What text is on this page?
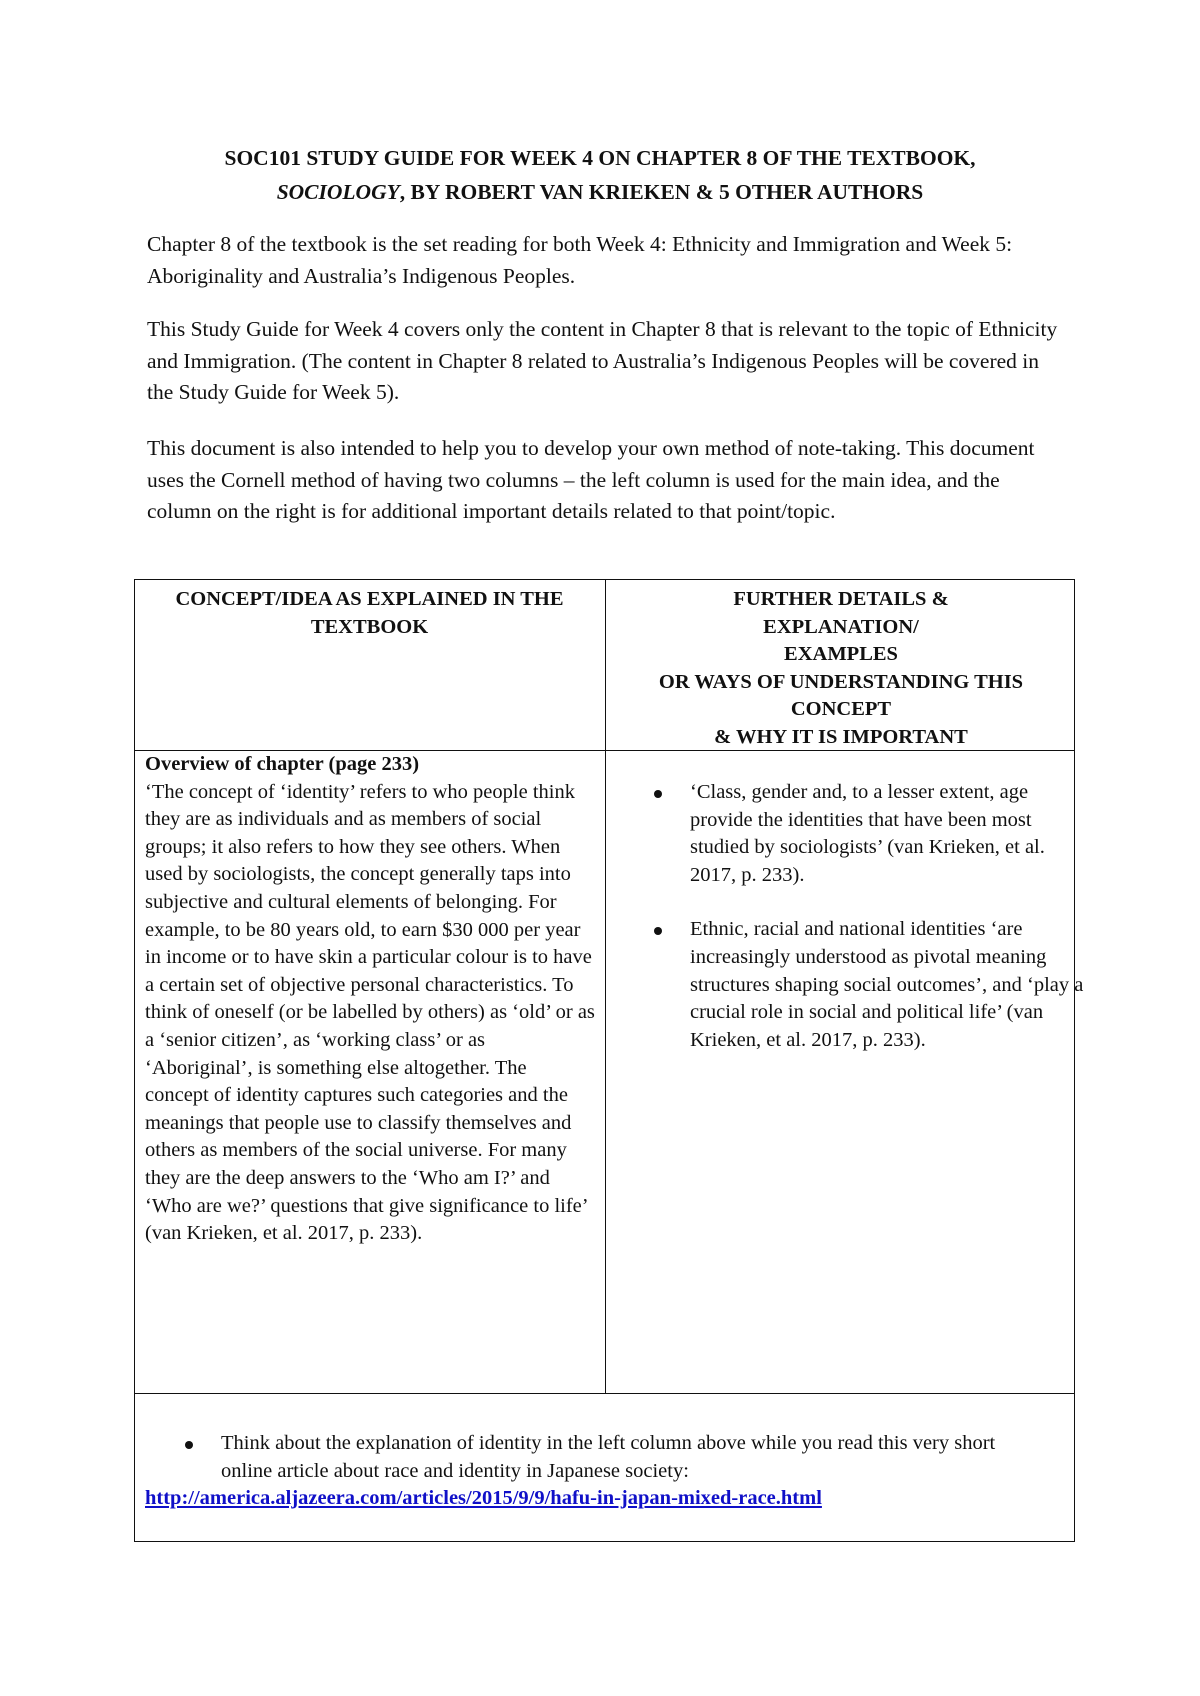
SOC101 STUDY GUIDE FOR WEEK 4 ON CHAPTER 8 OF THE TEXTBOOK,
SOCIOLOGY, BY ROBERT VAN KRIEKEN & 5 OTHER AUTHORS

Chapter 8 of the textbook is the set reading for both Week 4: Ethnicity and Immigration and Week 5: Aboriginality and Australia’s Indigenous Peoples.

This Study Guide for Week 4 covers only the content in Chapter 8 that is relevant to the topic of Ethnicity and Immigration. (The content in Chapter 8 related to Australia’s Indigenous Peoples will be covered in the Study Guide for Week 5).

This document is also intended to help you to develop your own method of note-taking. This document uses the Cornell method of having two columns – the left column is used for the main idea, and the column on the right is for additional important details related to that point/topic.

CONCEPT/IDEA AS EXPLAINED IN THE TEXTBOOK
FURTHER DETAILS &
EXPLANATION/
EXAMPLES
OR WAYS OF UNDERSTANDING THIS CONCEPT
& WHY IT IS IMPORTANT
Overview of chapter (page 233)
‘The concept of ‘identity’ refers to who people think they are as individuals and as members of social groups; it also refers to how they see others. When used by sociologists, the concept generally taps into subjective and cultural elements of belonging. For example, to be 80 years old, to earn $30 000 per year in income or to have skin a particular colour is to have a certain set of objective personal characteristics. To think of oneself (or be labelled by others) as ‘old’ or as a ‘senior citizen’, as ‘working class’ or as ‘Aboriginal’, is something else altogether. The concept of identity captures such categories and the meanings that people use to classify themselves and others as members of the social universe. For many they are the deep answers to the ‘Who am I?’ and ‘Who are we?’ questions that give significance to life’ (van Krieken, et al. 2017, p. 233).
‘Class, gender and, to a lesser extent, age provide the identities that have been most studied by sociologists’ (van Krieken, et al. 2017, p. 233).
Ethnic, racial and national identities ‘are increasingly understood as pivotal meaning structures shaping social outcomes’, and ‘play a crucial role in social and political life’ (van Krieken, et al. 2017, p. 233).
Think about the explanation of identity in the left column above while you read this very short online article about race and identity in Japanese society:
http://america.aljazeera.com/articles/2015/9/9/hafu-in-japan-mixed-race.html
